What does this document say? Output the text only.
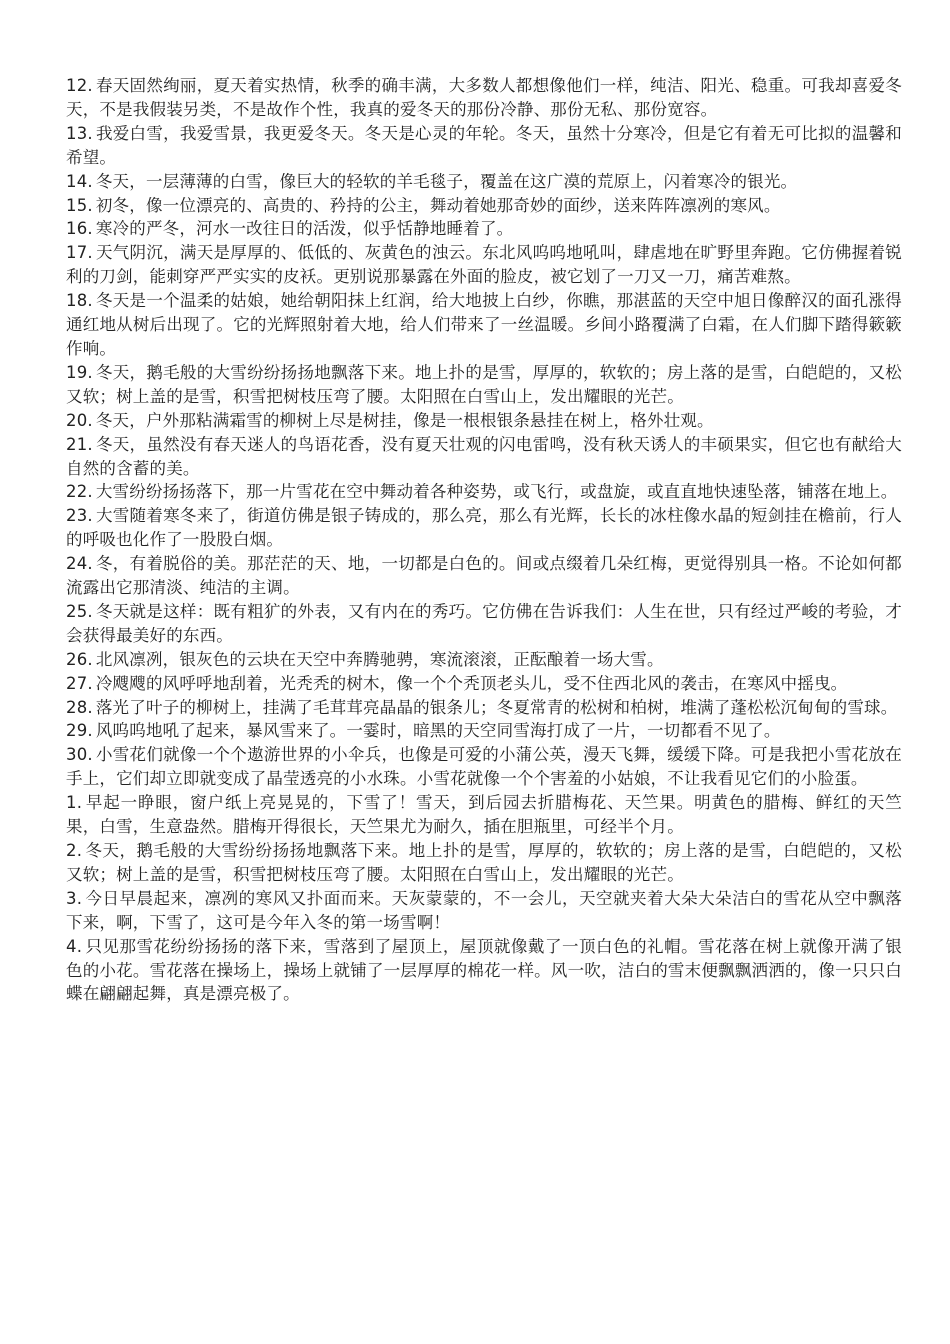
12. 春天固然绚丽，夏天着实热情，秋季的确丰满，大多数人都想像他们一样，纯洁、阳光、稳重。可我却喜爱冬天，不是我假装另类，不是故作个性，我真的爱冬天的那份冷静、那份无私、那份宽容。

13. 我爱白雪，我爱雪景，我更爱冬天。冬天是心灵的年轮。冬天，虽然十分寒冷，但是它有着无可比拟的温馨和希望。

14. 冬天，一层薄薄的白雪，像巨大的轻软的羊毛毯子，覆盖在这广漠的荒原上，闪着寒冷的银光。

15. 初冬，像一位漂亮的、高贵的、矜持的公主，舞动着她那奇妙的面纱，送来阵阵凛冽的寒风。

16. 寒冷的严冬，河水一改往日的活泼，似乎恬静地睡着了。

17. 天气阴沉，满天是厚厚的、低低的、灰黄色的浊云。东北风呜呜地吼叫，肆虐地在旷野里奔跑。它仿佛握着锐利的刀剑，能刺穿严严实实的皮袄。更别说那暴露在外面的脸皮，被它划了一刀又一刀，痛苦难熬。

18. 冬天是一个温柔的姑娘，她给朝阳抹上红润，给大地披上白纱，你瞧，那湛蓝的天空中旭日像醉汉的面孔涨得通红地从树后出现了。它的光辉照射着大地，给人们带来了一丝温暖。乡间小路覆满了白霜，在人们脚下踏得簌簌作响。

19. 冬天，鹅毛般的大雪纷纷扬扬地飘落下来。地上扑的是雪，厚厚的，软软的；房上落的是雪，白皑皑的，又松又软；树上盖的是雪，积雪把树枝压弯了腰。太阳照在白雪山上，发出耀眼的光芒。

20. 冬天，户外那粘满霜雪的柳树上尽是树挂，像是一根根银条悬挂在树上，格外壮观。

21. 冬天，虽然没有春天迷人的鸟语花香，没有夏天壮观的闪电雷鸣，没有秋天诱人的丰硕果实，但它也有献给大自然的含蓄的美。

22. 大雪纷纷扬扬落下，那一片雪花在空中舞动着各种姿势，或飞行，或盘旋，或直直地快速坠落，铺落在地上。

23. 大雪随着寒冬来了，街道仿佛是银子铸成的，那么亮，那么有光辉，长长的冰柱像水晶的短剑挂在檐前，行人的呼吸也化作了一股股白烟。

24. 冬，有着脱俗的美。那茫茫的天、地，一切都是白色的。间或点缀着几朵红梅，更觉得别具一格。不论如何都流露出它那清淡、纯洁的主调。

25. 冬天就是这样：既有粗犷的外表，又有内在的秀巧。它仿佛在告诉我们：人生在世，只有经过严峻的考验，才会获得最美好的东西。

26. 北风凛冽，银灰色的云块在天空中奔腾驰骋，寒流滚滚，正酝酿着一场大雪。

27. 冷飕飕的风呼呼地刮着，光秃秃的树木，像一个个秃顶老头儿，受不住西北风的袭击，在寒风中摇曳。

28. 落光了叶子的柳树上，挂满了毛茸茸亮晶晶的银条儿；冬夏常青的松树和柏树，堆满了蓬松松沉甸甸的雪球。

29. 风呜呜地吼了起来，暴风雪来了。一霎时，暗黑的天空同雪海打成了一片，一切都看不见了。

30. 小雪花们就像一个个遨游世界的小伞兵，也像是可爱的小蒲公英，漫天飞舞，缓缓下降。可是我把小雪花放在手上，它们却立即就变成了晶莹透亮的小水珠。小雪花就像一个个害羞的小姑娘，不让我看见它们的小脸蛋。

1. 早起一睁眼，窗户纸上亮晃晃的，下雪了！雪天，到后园去折腊梅花、天竺果。明黄色的腊梅、鲜红的天竺果，白雪，生意盎然。腊梅开得很长，天竺果尤为耐久，插在胆瓶里，可经半个月。

2. 冬天，鹅毛般的大雪纷纷扬扬地飘落下来。地上扑的是雪，厚厚的，软软的；房上落的是雪，白皑皑的，又松又软；树上盖的是雪，积雪把树枝压弯了腰。太阳照在白雪山上，发出耀眼的光芒。

3. 今日早晨起来，凛冽的寒风又扑面而来。天灰蒙蒙的，不一会儿，天空就夹着大朵大朵洁白的雪花从空中飘落下来，啊，下雪了，这可是今年入冬的第一场雪啊！

4. 只见那雪花纷纷扬扬的落下来，雪落到了屋顶上，屋顶就像戴了一顶白色的礼帽。雪花落在树上就像开满了银色的小花。雪花落在操场上，操场上就铺了一层厚厚的棉花一样。风一吹，洁白的雪末便飘飘洒洒的，像一只只白蝶在翩翩起舞，真是漂亮极了。
